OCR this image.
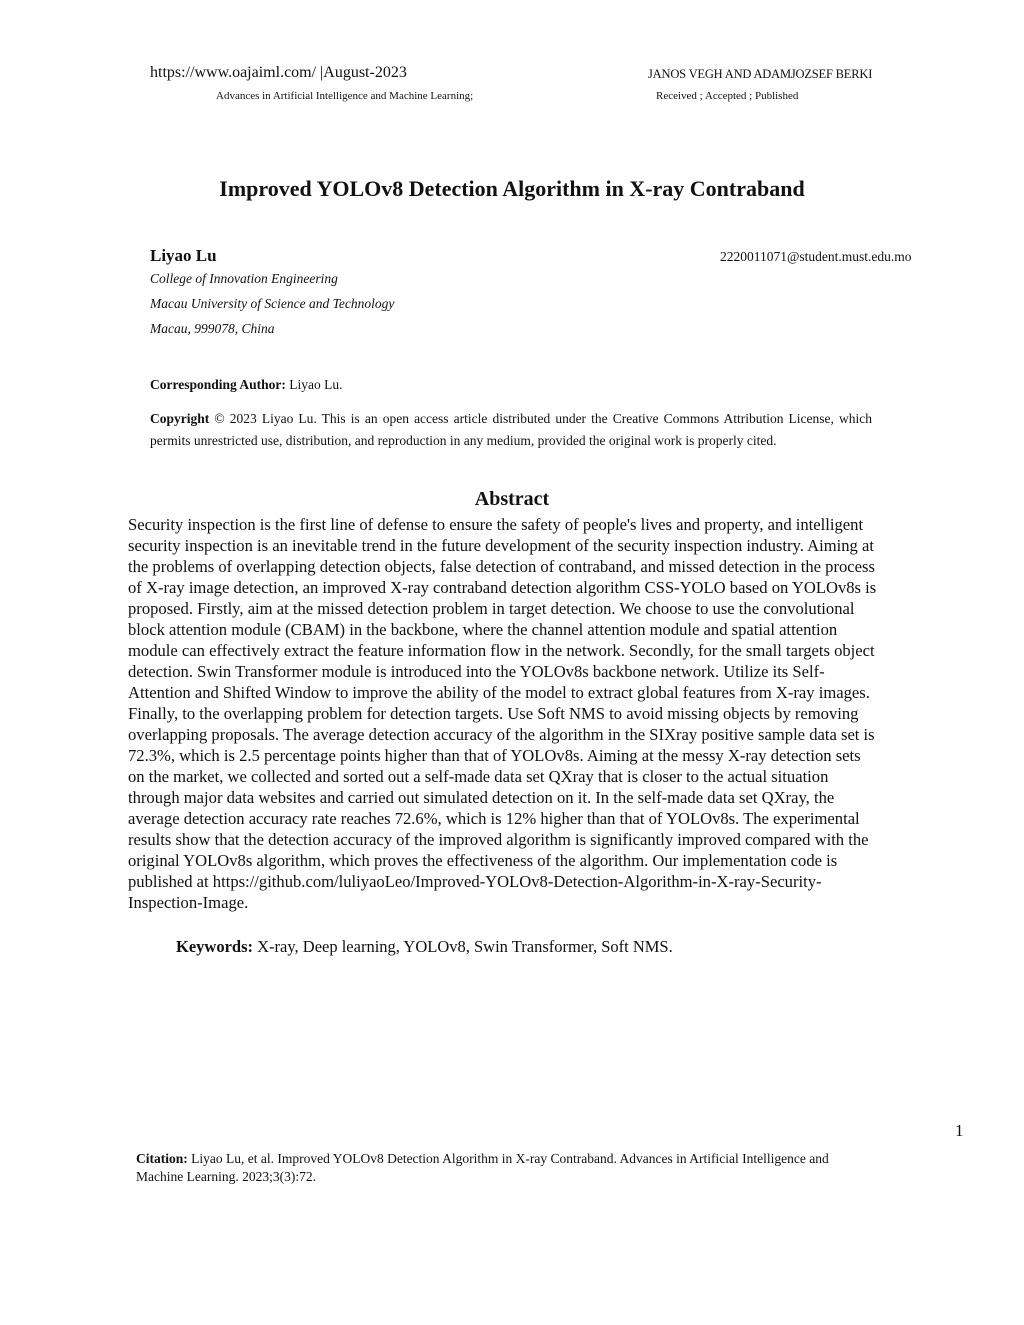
https://www.oajaiml.com/ |August-2023	JANOS VEGH AND ADAMJOZSEF BERKI
Advances in Artificial Intelligence and Machine Learning;	Received ; Accepted ; Published
Improved YOLOv8 Detection Algorithm in X-ray Contraband
Liyao Lu	2220011071@student.must.edu.mo
College of Innovation Engineering
Macau University of Science and Technology
Macau, 999078, China
Corresponding Author: Liyao Lu.
Copyright © 2023 Liyao Lu. This is an open access article distributed under the Creative Commons Attribution License, which permits unrestricted use, distribution, and reproduction in any medium, provided the original work is properly cited.
Abstract
Security inspection is the first line of defense to ensure the safety of people's lives and property, and intelligent
security inspection is an inevitable trend in the future development of the security inspection industry. Aiming at
the problems of overlapping detection objects, false detection of contraband, and missed detection in the process
of X-ray image detection, an improved X-ray contraband detection algorithm CSS-YOLO based on YOLOv8s is
proposed. Firstly, aim at the missed detection problem in target detection. We choose to use the convolutional
block attention module (CBAM) in the backbone, where the channel attention module and spatial attention
module can effectively extract the feature information flow in the network. Secondly, for the small targets object
detection. Swin Transformer module is introduced into the YOLOv8s backbone network. Utilize its Self-
Attention and Shifted Window to improve the ability of the model to extract global features from X-ray images.
Finally, to the overlapping problem for detection targets. Use Soft NMS to avoid missing objects by removing
overlapping proposals. The average detection accuracy of the algorithm in the SIXray positive sample data set is
72.3%, which is 2.5 percentage points higher than that of YOLOv8s. Aiming at the messy X-ray detection sets
on the market, we collected and sorted out a self-made data set QXray that is closer to the actual situation
through major data websites and carried out simulated detection on it. In the self-made data set QXray, the
average detection accuracy rate reaches 72.6%, which is 12% higher than that of YOLOv8s. The experimental
results show that the detection accuracy of the improved algorithm is significantly improved compared with the
original YOLOv8s algorithm, which proves the effectiveness of the algorithm. Our implementation code is
published at https://github.com/luliyaoLeo/Improved-YOLOv8-Detection-Algorithm-in-X-ray-Security-
Inspection-Image.
Keywords: X-ray, Deep learning, YOLOv8, Swin Transformer, Soft NMS.
1
Citation: Liyao Lu, et al. Improved YOLOv8 Detection Algorithm in X-ray Contraband. Advances in Artificial Intelligence and
Machine Learning. 2023;3(3):72.
